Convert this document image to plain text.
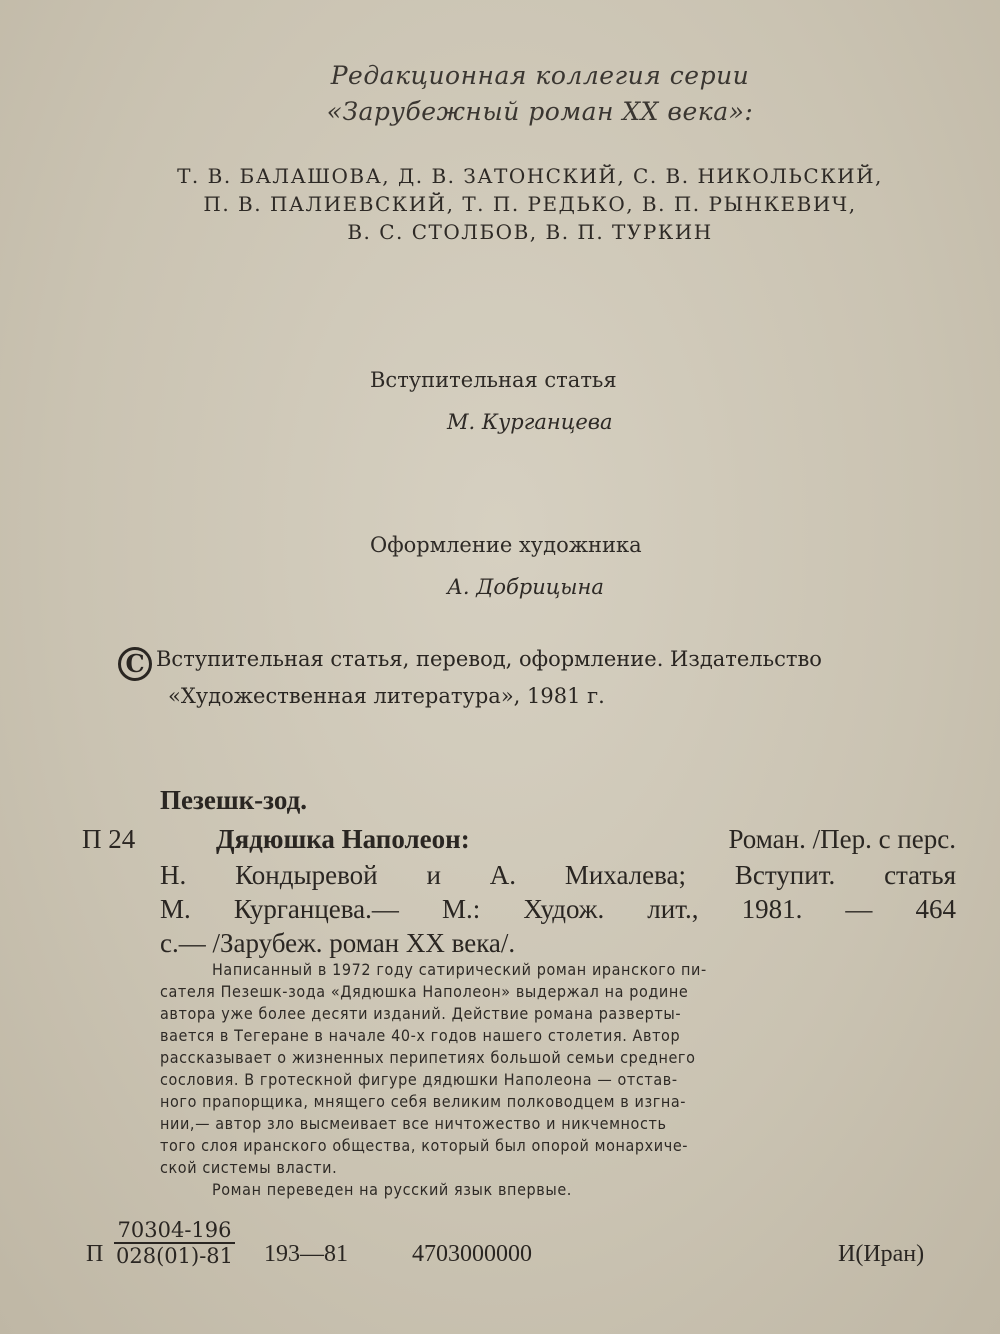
Редакционная коллегия серии
«Зарубежный роман XX века»:
Т. В. БАЛАШОВА, Д. В. ЗАТОНСКИЙ, С. В. НИКОЛЬСКИЙ,
П. В. ПАЛИЕВСКИЙ, Т. П. РЕДЬКО, В. П. РЫНКЕВИЧ,
В. С. СТОЛБОВ, В. П. ТУРКИН
Вступительная статья
М. Курганцева
Оформление художника
А. Добрицына
C Вступительная статья, перевод, оформление. Издательство
«Художественная литература», 1981 г.
Пезешк-зод.
П 24	Дядюшка Наполеон:	Роман. /Пер. с перс.
Н. Кондыревой и А. Михалева; Вступит. статья
М. Курганцева.— М.: Худож. лит., 1981. — 464
с.— /Зарубеж. роман XX века/.
Написанный в 1972 году сатирический роман иранского пи-
сателя Пезешк-зода «Дядюшка Наполеон» выдержал на родине
автора уже более десяти изданий. Действие романа разверты-
вается в Тегеране в начале 40-х годов нашего столетия. Автор
рассказывает о жизненных перипетиях большой семьи среднего
сословия. В гротескной фигуре дядюшки Наполеона — отстав-
ного прапорщика, мнящего себя великим полководцем в изгна-
нии,— автор зло высмеивает все ничтожество и никчемность
того слоя иранского общества, который был опорой монархиче-
ской системы власти.
Роман переведен на русский язык впервые.
П $\frac{70304-196}{028(01)-81}$ 193—81	4703000000	И(Иран)
